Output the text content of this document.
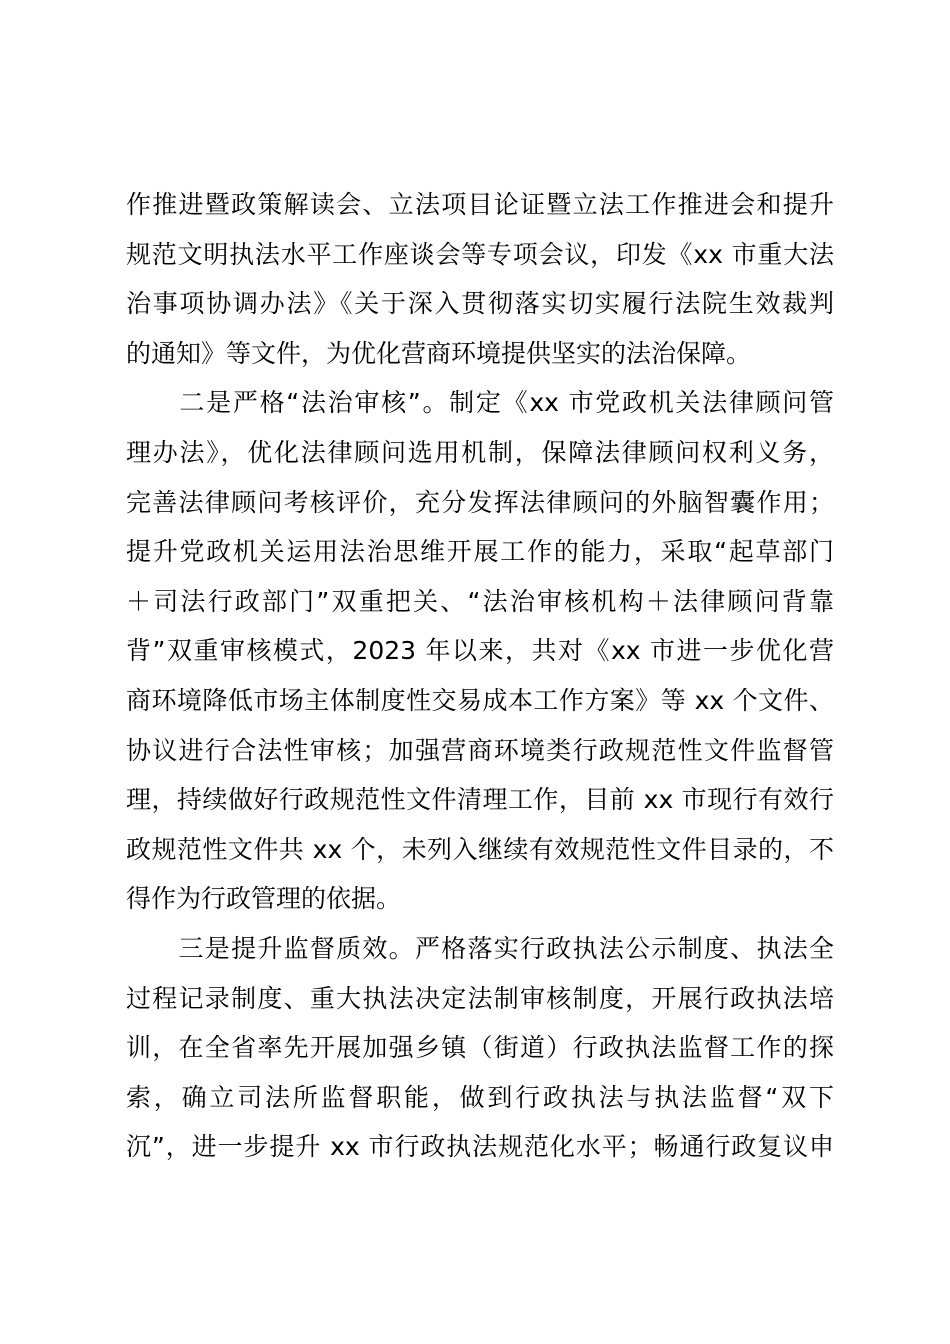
作推进暨政策解读会、立法项目论证暨立法工作推进会和提升
规范文明执法水平工作座谈会等专项会议，印发《xx 市重大法
治事项协调办法》《关于深入贯彻落实切实履行法院生效裁判
的通知》等文件，为优化营商环境提供坚实的法治保障。

　　二是严格“法治审核”。制定《xx 市党政机关法律顾问管
理办法》，优化法律顾问选用机制，保障法律顾问权利义务，
完善法律顾问考核评价，充分发挥法律顾问的外脑智囊作用；
提升党政机关运用法治思维开展工作的能力，采取“起草部门
＋司法行政部门”双重把关、“法治审核机构＋法律顾问背靠
背”双重审核模式，2023 年以来，共对《xx 市进一步优化营
商环境降低市场主体制度性交易成本工作方案》等 xx 个文件、
协议进行合法性审核；加强营商环境类行政规范性文件监督管
理，持续做好行政规范性文件清理工作，目前 xx 市现行有效行
政规范性文件共 xx 个，未列入继续有效规范性文件目录的，不
得作为行政管理的依据。

　　三是提升监督质效。严格落实行政执法公示制度、执法全
过程记录制度、重大执法决定法制审核制度，开展行政执法培
训，在全省率先开展加强乡镇（街道）行政执法监督工作的探
索，确立司法所监督职能，做到行政执法与执法监督“双下
沉”，进一步提升 xx 市行政执法规范化水平；畅通行政复议申
